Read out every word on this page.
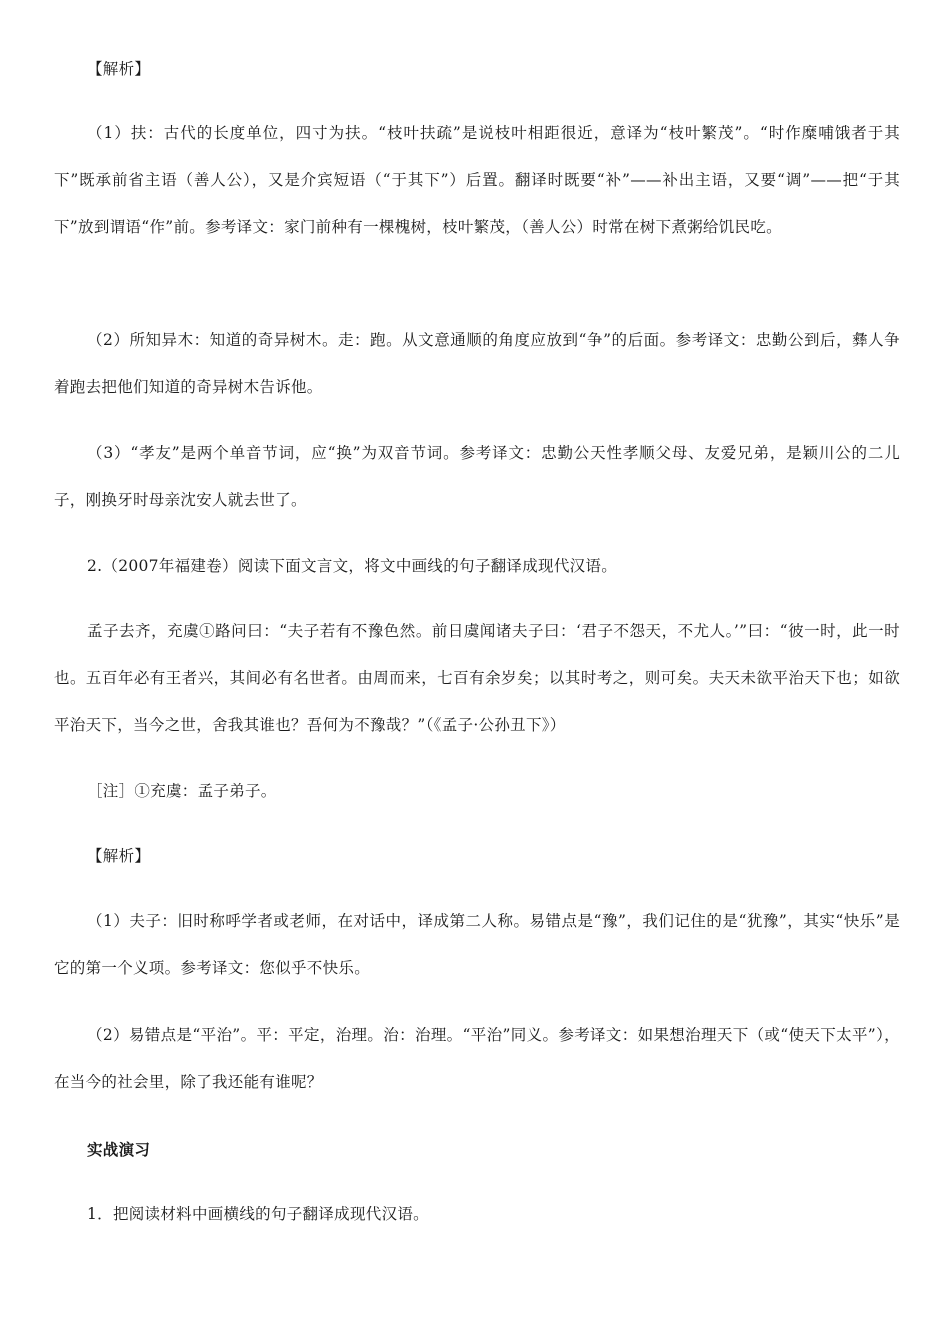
【解析】

（1）扶：古代的长度单位，四寸为扶。“枝叶扶疏”是说枝叶相距很近，意译为“枝叶繁茂”。“时作糜哺饿者于其下”既承前省主语（善人公），又是介宾短语（“于其下”）后置。翻译时既要“补”——补出主语，又要“调”——把“于其下”放到谓语“作”前。参考译文：家门前种有一棵槐树，枝叶繁茂，（善人公）时常在树下煮粥给饥民吃。

（2）所知异木：知道的奇异树木。走：跑。从文意通顺的角度应放到“争”的后面。参考译文：忠勤公到后，彝人争着跑去把他们知道的奇异树木告诉他。

（3）“孝友”是两个单音节词，应“换”为双音节词。参考译文：忠勤公天性孝顺父母、友爱兄弟，是颖川公的二儿子，刚换牙时母亲沈安人就去世了。

2.（2007年福建卷）阅读下面文言文，将文中画线的句子翻译成现代汉语。

孟子去齐，充虞①路问曰：“夫子若有不豫色然。前日虞闻诸夫子曰：‘君子不怨天，不尤人。’”曰：“彼一时，此一时也。五百年必有王者兴，其间必有名世者。由周而来，七百有余岁矣；以其时考之，则可矣。夫天未欲平治天下也；如欲平治天下，当今之世，舍我其谁也？吾何为不豫哉？”（《孟子·公孙丑下》）

［注］①充虞：孟子弟子。

【解析】

（1）夫子：旧时称呼学者或老师，在对话中，译成第二人称。易错点是“豫”，我们记住的是“犹豫”，其实“快乐”是它的第一个义项。参考译文：您似乎不快乐。

（2）易错点是“平治”。平：平定，治理。治：治理。“平治”同义。参考译文：如果想治理天下（或“使天下太平”），在当今的社会里，除了我还能有谁呢？

实战演习

1．把阅读材料中画横线的句子翻译成现代汉语。
